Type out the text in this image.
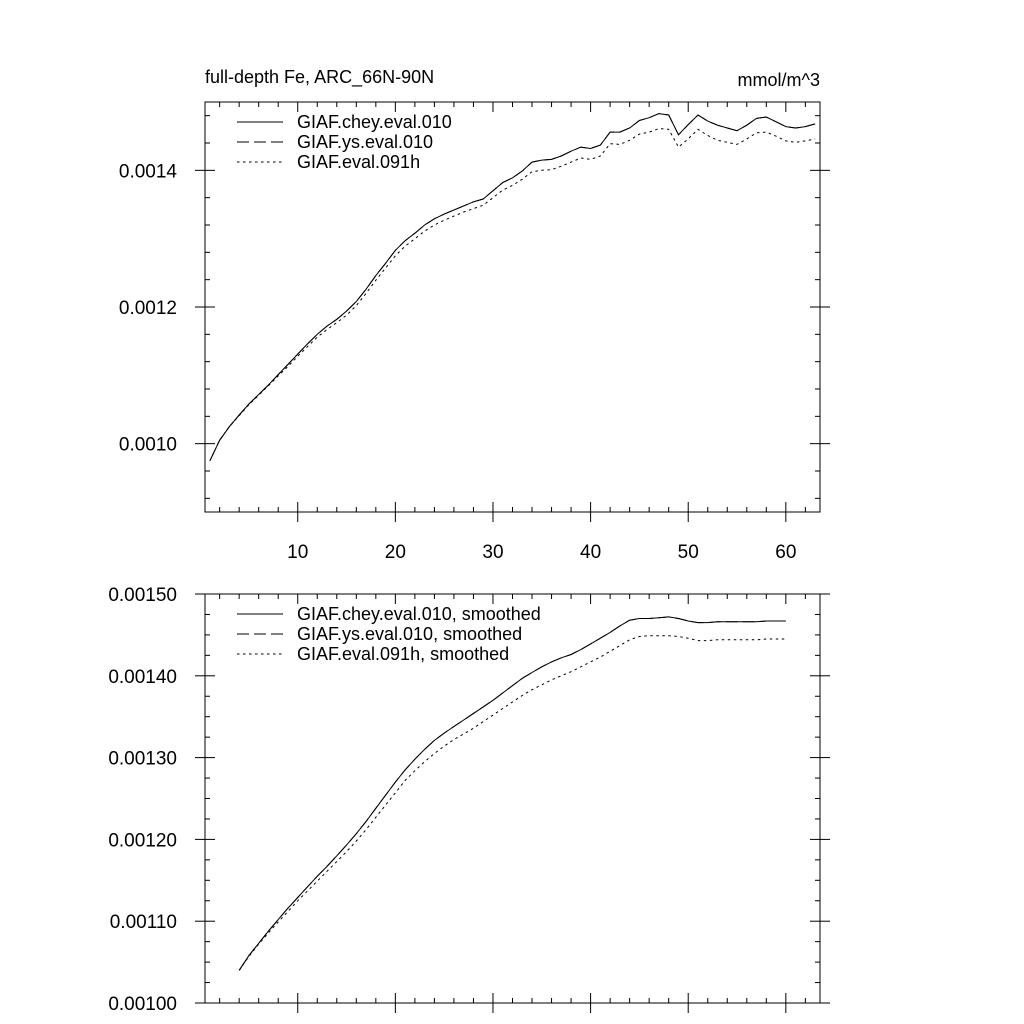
full-depth Fe, ARC_66N-90N	mmol/m^3
10	20	30	40	50	60
0.0010
0.0012
0.0014
GIAF.chey.eval.010
GIAF.ys.eval.010
GIAF.eval.091h
0.00100
0.00110
0.00120
0.00130
0.00140
0.00150
GIAF.chey.eval.010, smoothed
GIAF.ys.eval.010, smoothed
GIAF.eval.091h, smoothed
